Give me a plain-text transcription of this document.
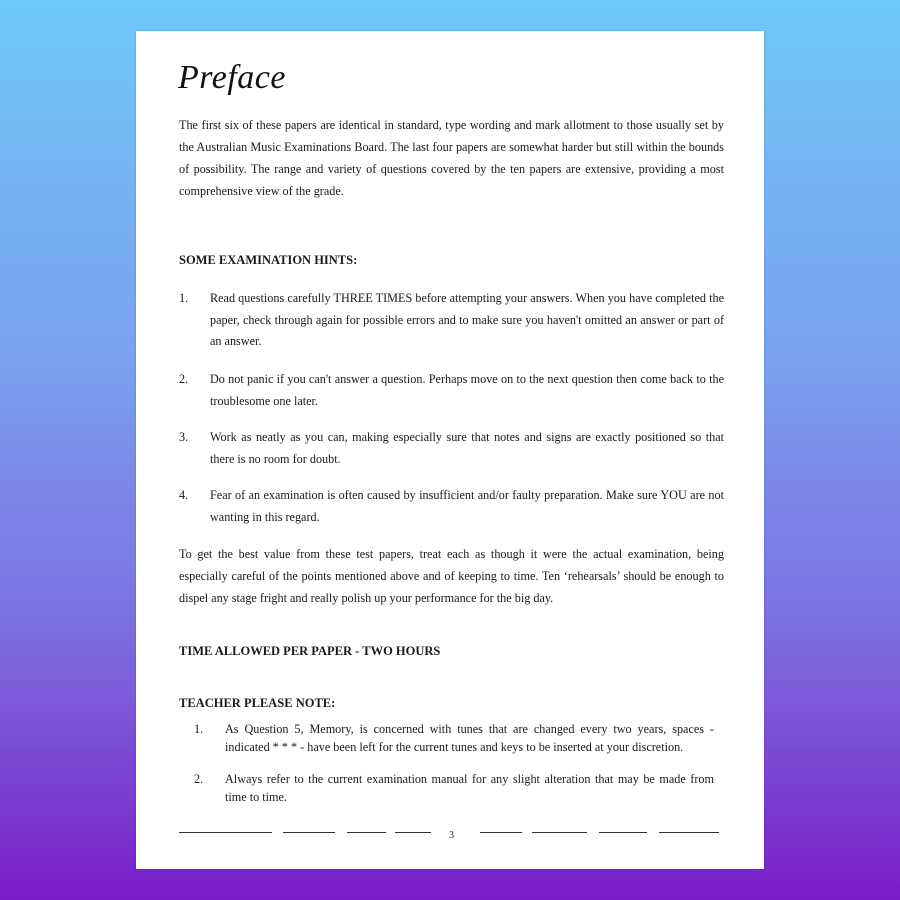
Preface

The first six of these papers are identical in standard, type wording and mark allotment to those usually set by the Australian Music Examinations Board. The last four papers are somewhat harder but still within the bounds of possibility. The range and variety of questions covered by the ten papers are extensive, providing a most comprehensive view of the grade.

SOME EXAMINATION HINTS:

1.	Read questions carefully THREE TIMES before attempting your answers. When you have completed the paper, check through again for possible errors and to make sure you haven't omitted an answer or part of an answer.
2.	Do not panic if you can't answer a question. Perhaps move on to the next question then come back to the troublesome one later.
3.	Work as neatly as you can, making especially sure that notes and signs are exactly positioned so that there is no room for doubt.
4.	Fear of an examination is often caused by insufficient and/or faulty preparation. Make sure YOU are not wanting in this regard.

To get the best value from these test papers, treat each as though it were the actual examination, being especially careful of the points mentioned above and of keeping to time. Ten ‘rehearsals’ should be enough to dispel any stage fright and really polish up your performance for the big day.

TIME ALLOWED PER PAPER - TWO HOURS

TEACHER PLEASE NOTE:

1.	As Question 5, Memory, is concerned with tunes that are changed every two years, spaces - indicated * * * - have been left for the current tunes and keys to be inserted at your discretion.
2.	Always refer to the current examination manual for any slight alteration that may be made from time to time.
3
